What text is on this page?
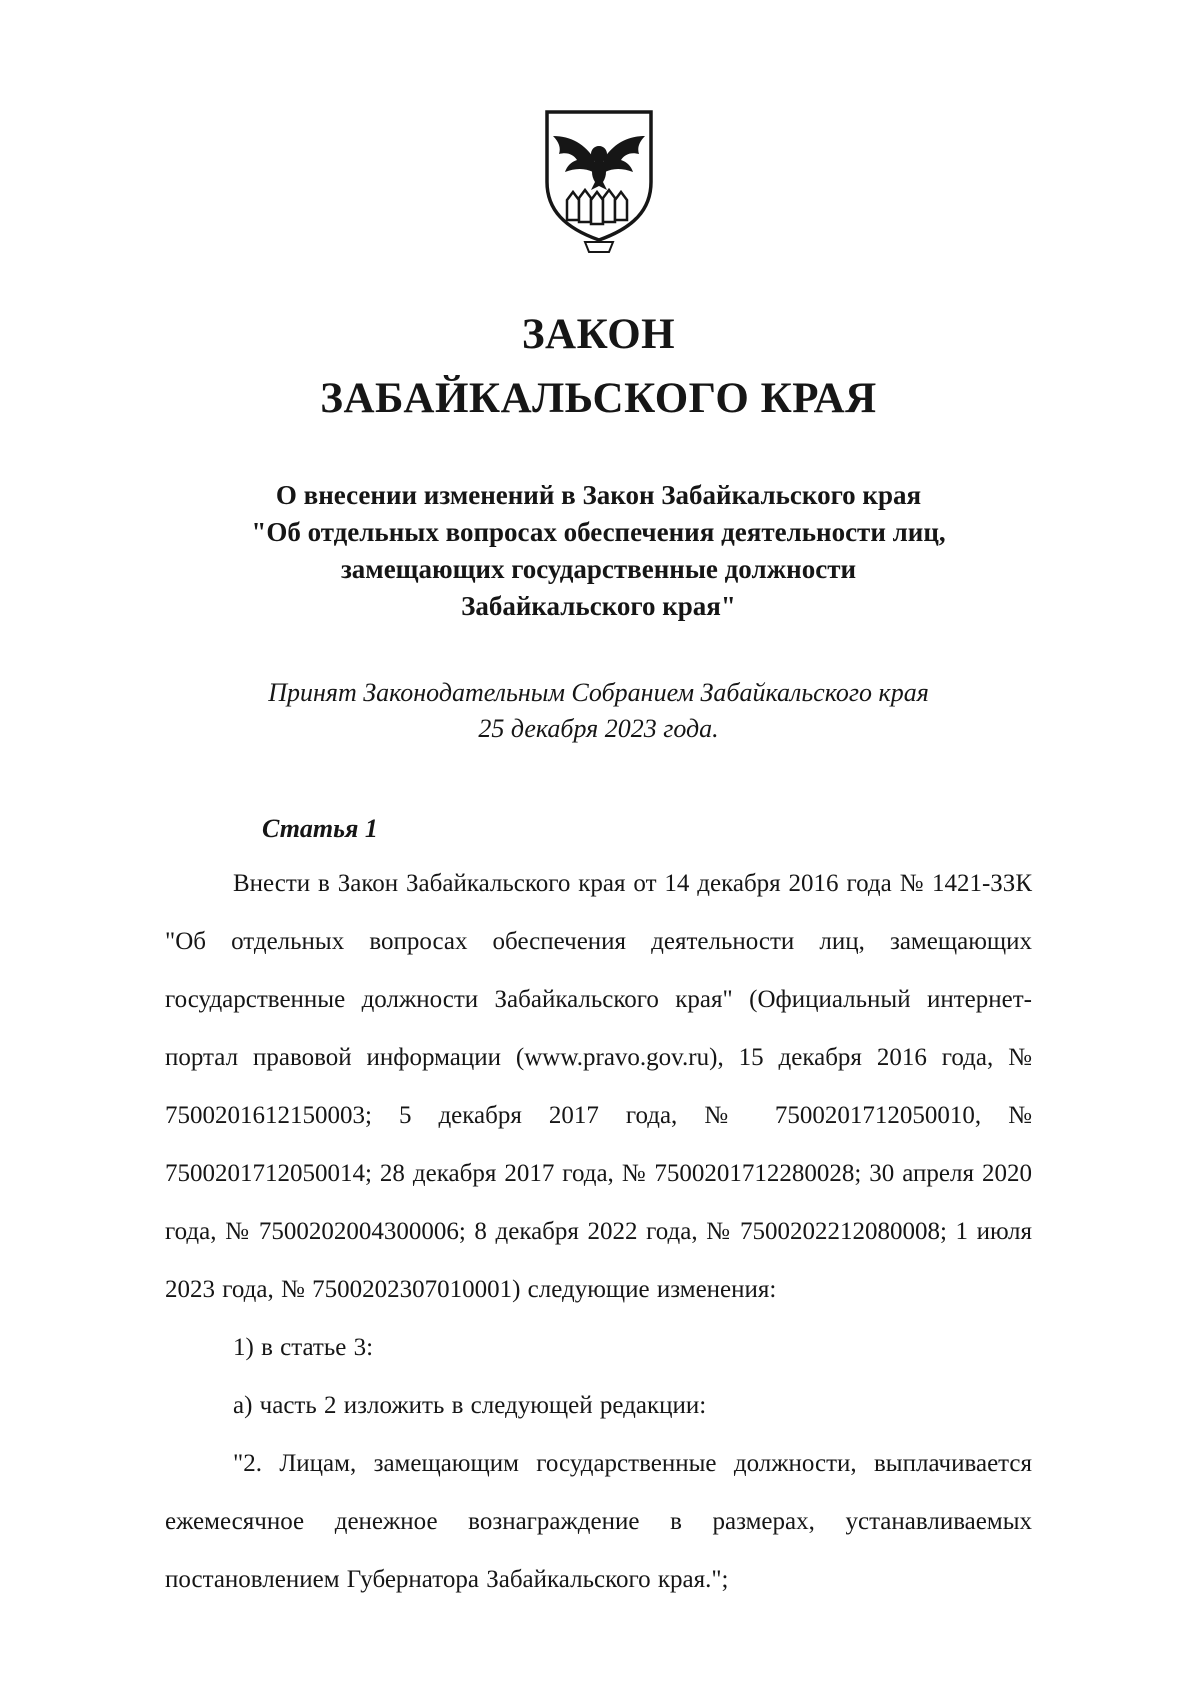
ЗАКОН
ЗАБАЙКАЛЬСКОГО КРАЯ
О внесении изменений в Закон Забайкальского края
"Об отдельных вопросах обеспечения деятельности лиц,
замещающих государственные должности
Забайкальского края"
Принят Законодательным Собранием Забайкальского края
25 декабря 2023 года.
Статья 1

Внести в Закон Забайкальского края от 14 декабря 2016 года № 1421-ЗЗК "Об отдельных вопросах обеспечения деятельности лиц, замещающих государственные должности Забайкальского края" (Официальный интернет-портал правовой информации (www.pravo.gov.ru), 15 декабря 2016 года, № 7500201612150003; 5 декабря 2017 года, № 7500201712050010, № 7500201712050014; 28 декабря 2017 года, № 7500201712280028; 30 апреля 2020 года, № 7500202004300006; 8 декабря 2022 года, № 7500202212080008; 1 июля 2023 года, № 7500202307010001) следующие изменения:

1) в статье 3:

а) часть 2 изложить в следующей редакции:

"2. Лицам, замещающим государственные должности, выплачивается ежемесячное денежное вознаграждение в размерах, устанавливаемых постановлением Губернатора Забайкальского края.";
